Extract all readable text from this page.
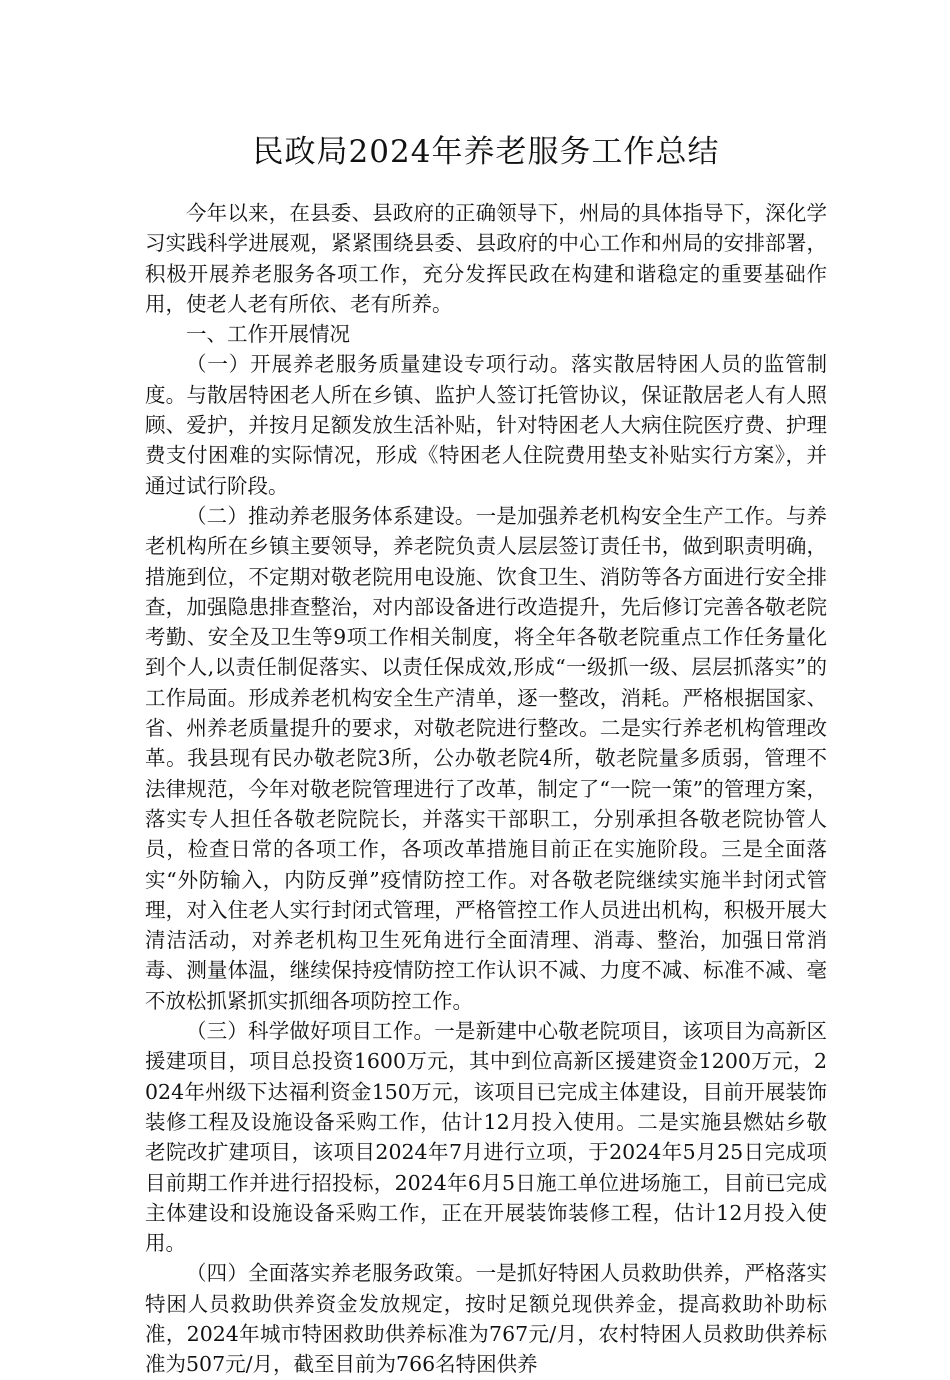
民政局2024年养老服务工作总结

今年以来，在县委、县政府的正确领导下，州局的具体指导下，深化学习实践科学进展观，紧紧围绕县委、县政府的中心工作和州局的安排部署，积极开展养老服务各项工作，充分发挥民政在构建和谐稳定的重要基础作用，使老人老有所依、老有所养。

一、工作开展情况

（一）开展养老服务质量建设专项行动。落实散居特困人员的监管制度。与散居特困老人所在乡镇、监护人签订托管协议，保证散居老人有人照顾、爱护，并按月足额发放生活补贴，针对特困老人大病住院医疗费、护理费支付困难的实际情况，形成《特困老人住院费用垫支补贴实行方案》，并通过试行阶段。

（二）推动养老服务体系建设。一是加强养老机构安全生产工作。与养老机构所在乡镇主要领导，养老院负责人层层签订责任书，做到职责明确，措施到位，不定期对敬老院用电设施、饮食卫生、消防等各方面进行安全排查，加强隐患排查整治，对内部设备进行改造提升，先后修订完善各敬老院考勤、安全及卫生等9项工作相关制度，将全年各敬老院重点工作任务量化到个人,以责任制促落实、以责任保成效,形成“一级抓一级、层层抓落实”的工作局面。形成养老机构安全生产清单，逐一整改，消耗。严格根据国家、省、州养老质量提升的要求，对敬老院进行整改。二是实行养老机构管理改革。我县现有民办敬老院3所，公办敬老院4所，敬老院量多质弱，管理不法律规范，今年对敬老院管理进行了改革，制定了“一院一策”的管理方案，落实专人担任各敬老院院长，并落实干部职工，分别承担各敬老院协管人员，检查日常的各项工作，各项改革措施目前正在实施阶段。三是全面落实“外防输入，内防反弹”疫情防控工作。对各敬老院继续实施半封闭式管理，对入住老人实行封闭式管理，严格管控工作人员进出机构，积极开展大清洁活动，对养老机构卫生死角进行全面清理、消毒、整治，加强日常消毒、测量体温，继续保持疫情防控工作认识不减、力度不减、标准不减、毫不放松抓紧抓实抓细各项防控工作。

（三）科学做好项目工作。一是新建中心敬老院项目，该项目为高新区援建项目，项目总投资1600万元，其中到位高新区援建资金1200万元，2024年州级下达福利资金150万元，该项目已完成主体建设，目前开展装饰装修工程及设施设备采购工作，估计12月投入使用。二是实施县燃姑乡敬老院改扩建项目，该项目2024年7月进行立项，于2024年5月25日完成项目前期工作并进行招投标，2024年6月5日施工单位进场施工，目前已完成主体建设和设施设备采购工作，正在开展装饰装修工程，估计12月投入使用。

（四）全面落实养老服务政策。一是抓好特困人员救助供养，严格落实特困人员救助供养资金发放规定，按时足额兑现供养金，提高救助补助标准，2024年城市特困救助供养标准为767元/月，农村特困人员救助供养标准为507元/月，截至目前为766名特困供养
